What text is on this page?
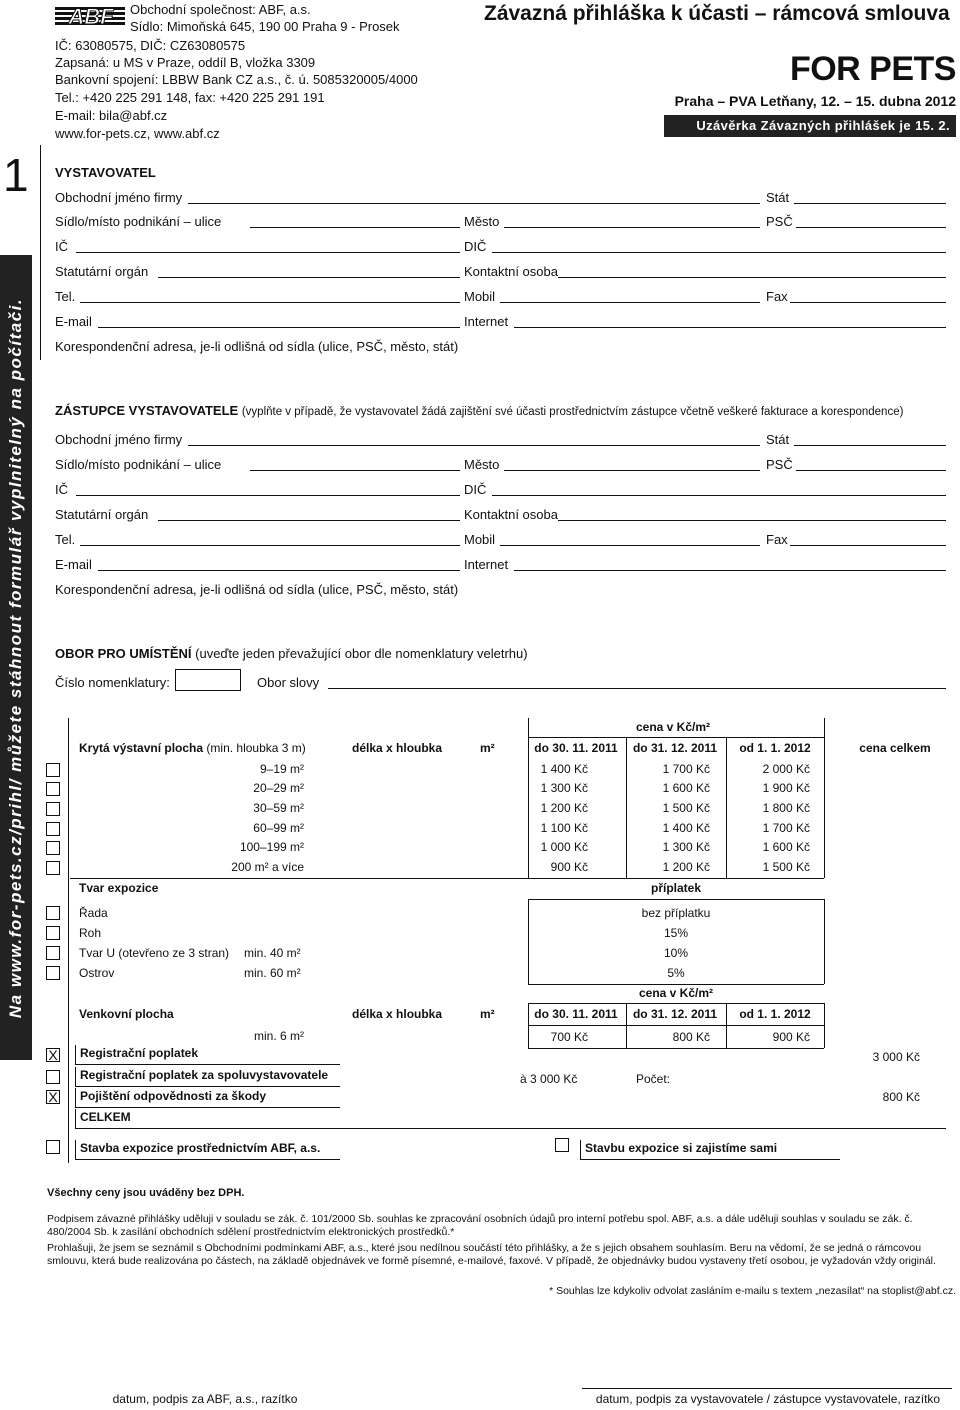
ABF Obchodní společnost: ABF, a.s.
Sídlo: Mimoňská 645, 190 00 Praha 9 - Prosek
IČ: 63080575, DIČ: CZ63080575
Zapsaná: u MS v Praze, oddíl B, vložka 3309
Bankovní spojení: LBBW Bank CZ a.s., č. ú. 5085320005/4000
Tel.: +420 225 291 148, fax: +420 225 291 191
E-mail: bila@abf.cz
www.for-pets.cz, www.abf.cz
Závazná přihláška k účasti – rámcová smlouva
FOR PETS
Praha – PVA Letňany, 12. – 15. dubna 2012
Uzávěrka Závazných přihlášek je 15. 2. 2012
1
Na www.for-pets.cz/prihl/ můžete stáhnout formulář vyplnitelný na počítači.
VYSTAVOVATEL
Obchodní jméno firmy	Stát
Sídlo/místo podnikání – ulice	Město	PSČ
IČ	DIČ
Statutární orgán	Kontaktní osoba
Tel.	Mobil	Fax
E-mail	Internet
Korespondenční adresa, je-li odlišná od sídla (ulice, PSČ, město, stát)
ZÁSTUPCE VYSTAVOVATELE (vyplňte v případě, že vystavovatel žádá zajištění své účasti prostřednictvím zástupce včetně veškeré fakturace a korespondence)
Obchodní jméno firmy	Stát
Sídlo/místo podnikání – ulice	Město	PSČ
IČ	DIČ
Statutární orgán	Kontaktní osoba
Tel.	Mobil	Fax
E-mail	Internet
Korespondenční adresa, je-li odlišná od sídla (ulice, PSČ, město, stát)
OBOR PRO UMÍSTĚNÍ (uveďte jeden převažující obor dle nomenklatury veletrhu)
Číslo nomenklatury:	Obor slovy
cena v Kč/m²
Krytá výstavní plocha (min. hloubka 3 m)	délka x hloubka	m²	do 30. 11. 2011	do 31. 12. 2011	od 1. 1. 2012	cena celkem
9–19 m²	1 400 Kč	1 700 Kč	2 000 Kč
20–29 m²	1 300 Kč	1 600 Kč	1 900 Kč
30–59 m²	1 200 Kč	1 500 Kč	1 800 Kč
60–99 m²	1 100 Kč	1 400 Kč	1 700 Kč
100–199 m²	1 000 Kč	1 300 Kč	1 600 Kč
200 m² a více	900 Kč	1 200 Kč	1 500 Kč
Tvar expozice	příplatek
Řada	bez příplatku
Roh	15%
Tvar U (otevřeno ze 3 stran) min. 40 m²	10%
Ostrov	min. 60 m²	5%
cena v Kč/m²
Venkovní plocha	délka x hloubka	m²	do 30. 11. 2011	do 31. 12. 2011	od 1. 1. 2012
min. 6 m²	700 Kč	800 Kč	900 Kč
X	Registrační poplatek	3 000 Kč
Registrační poplatek za spoluvystavovatele	à 3 000 Kč	Počet:
X	Pojištění odpovědnosti za škody	800 Kč
CELKEM
Stavba expozice prostřednictvím ABF, a.s.	Stavbu expozice si zajistíme sami
Všechny ceny jsou uváděny bez DPH.
Podpisem závazné přihlášky uděluji v souladu se zák. č. 101/2000 Sb. souhlas ke zpracování osobních údajů pro interní potřebu spol. ABF, a.s. a dále uděluji souhlas v souladu se zák. č. 480/2004 Sb. k zasílání obchodních sdělení prostřednictvím elektronických prostředků.*
Prohlašuji, že jsem se seznámil s Obchodními podmínkami ABF, a.s., které jsou nedílnou součástí této přihlášky, a že s jejich obsahem souhlasím. Beru na vědomí, že se jedná o rámcovou smlouvu, která bude realizována po částech, na základě objednávek ve formě písemné, e-mailové, faxové. V případě, že objednávky budou vystaveny třetí osobou, je vyžadován vždy originál.
* Souhlas lze kdykoliv odvolat zasláním e-mailu s textem „nezasílat“ na stoplist@abf.cz.
datum, podpis za ABF, a.s., razítko	datum, podpis za vystavovatele / zástupce vystavovatele, razítko
